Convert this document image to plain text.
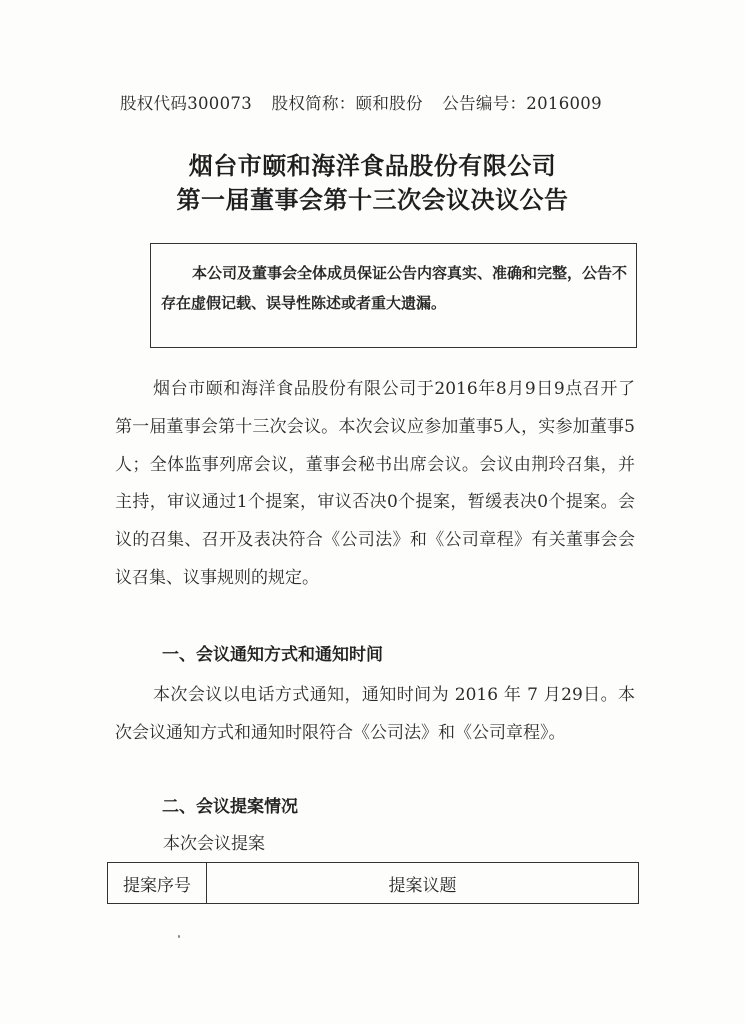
股权代码300073 股权简称：颐和股份 公告编号：2016009
烟台市颐和海洋食品股份有限公司
第一届董事会第十三次会议决议公告
本公司及董事会全体成员保证公告内容真实、准确和完整，公告不存在虚假记载、误导性陈述或者重大遗漏。
烟台市颐和海洋食品股份有限公司于2016年8月9日9点召开了第一届董事会第十三次会议。本次会议应参加董事5人，实参加董事5人；全体监事列席会议，董事会秘书出席会议。会议由荆玲召集，并主持，审议通过1个提案，审议否决0个提案，暂缓表决0个提案。会议的召集、召开及表决符合《公司法》和《公司章程》有关董事会会议召集、议事规则的规定。
一、会议通知方式和通知时间
本次会议以电话方式通知，通知时间为 2016 年 7 月29日。本次会议通知方式和通知时限符合《公司法》和《公司章程》。
二、会议提案情况
本次会议提案
提案序号	提案议题
